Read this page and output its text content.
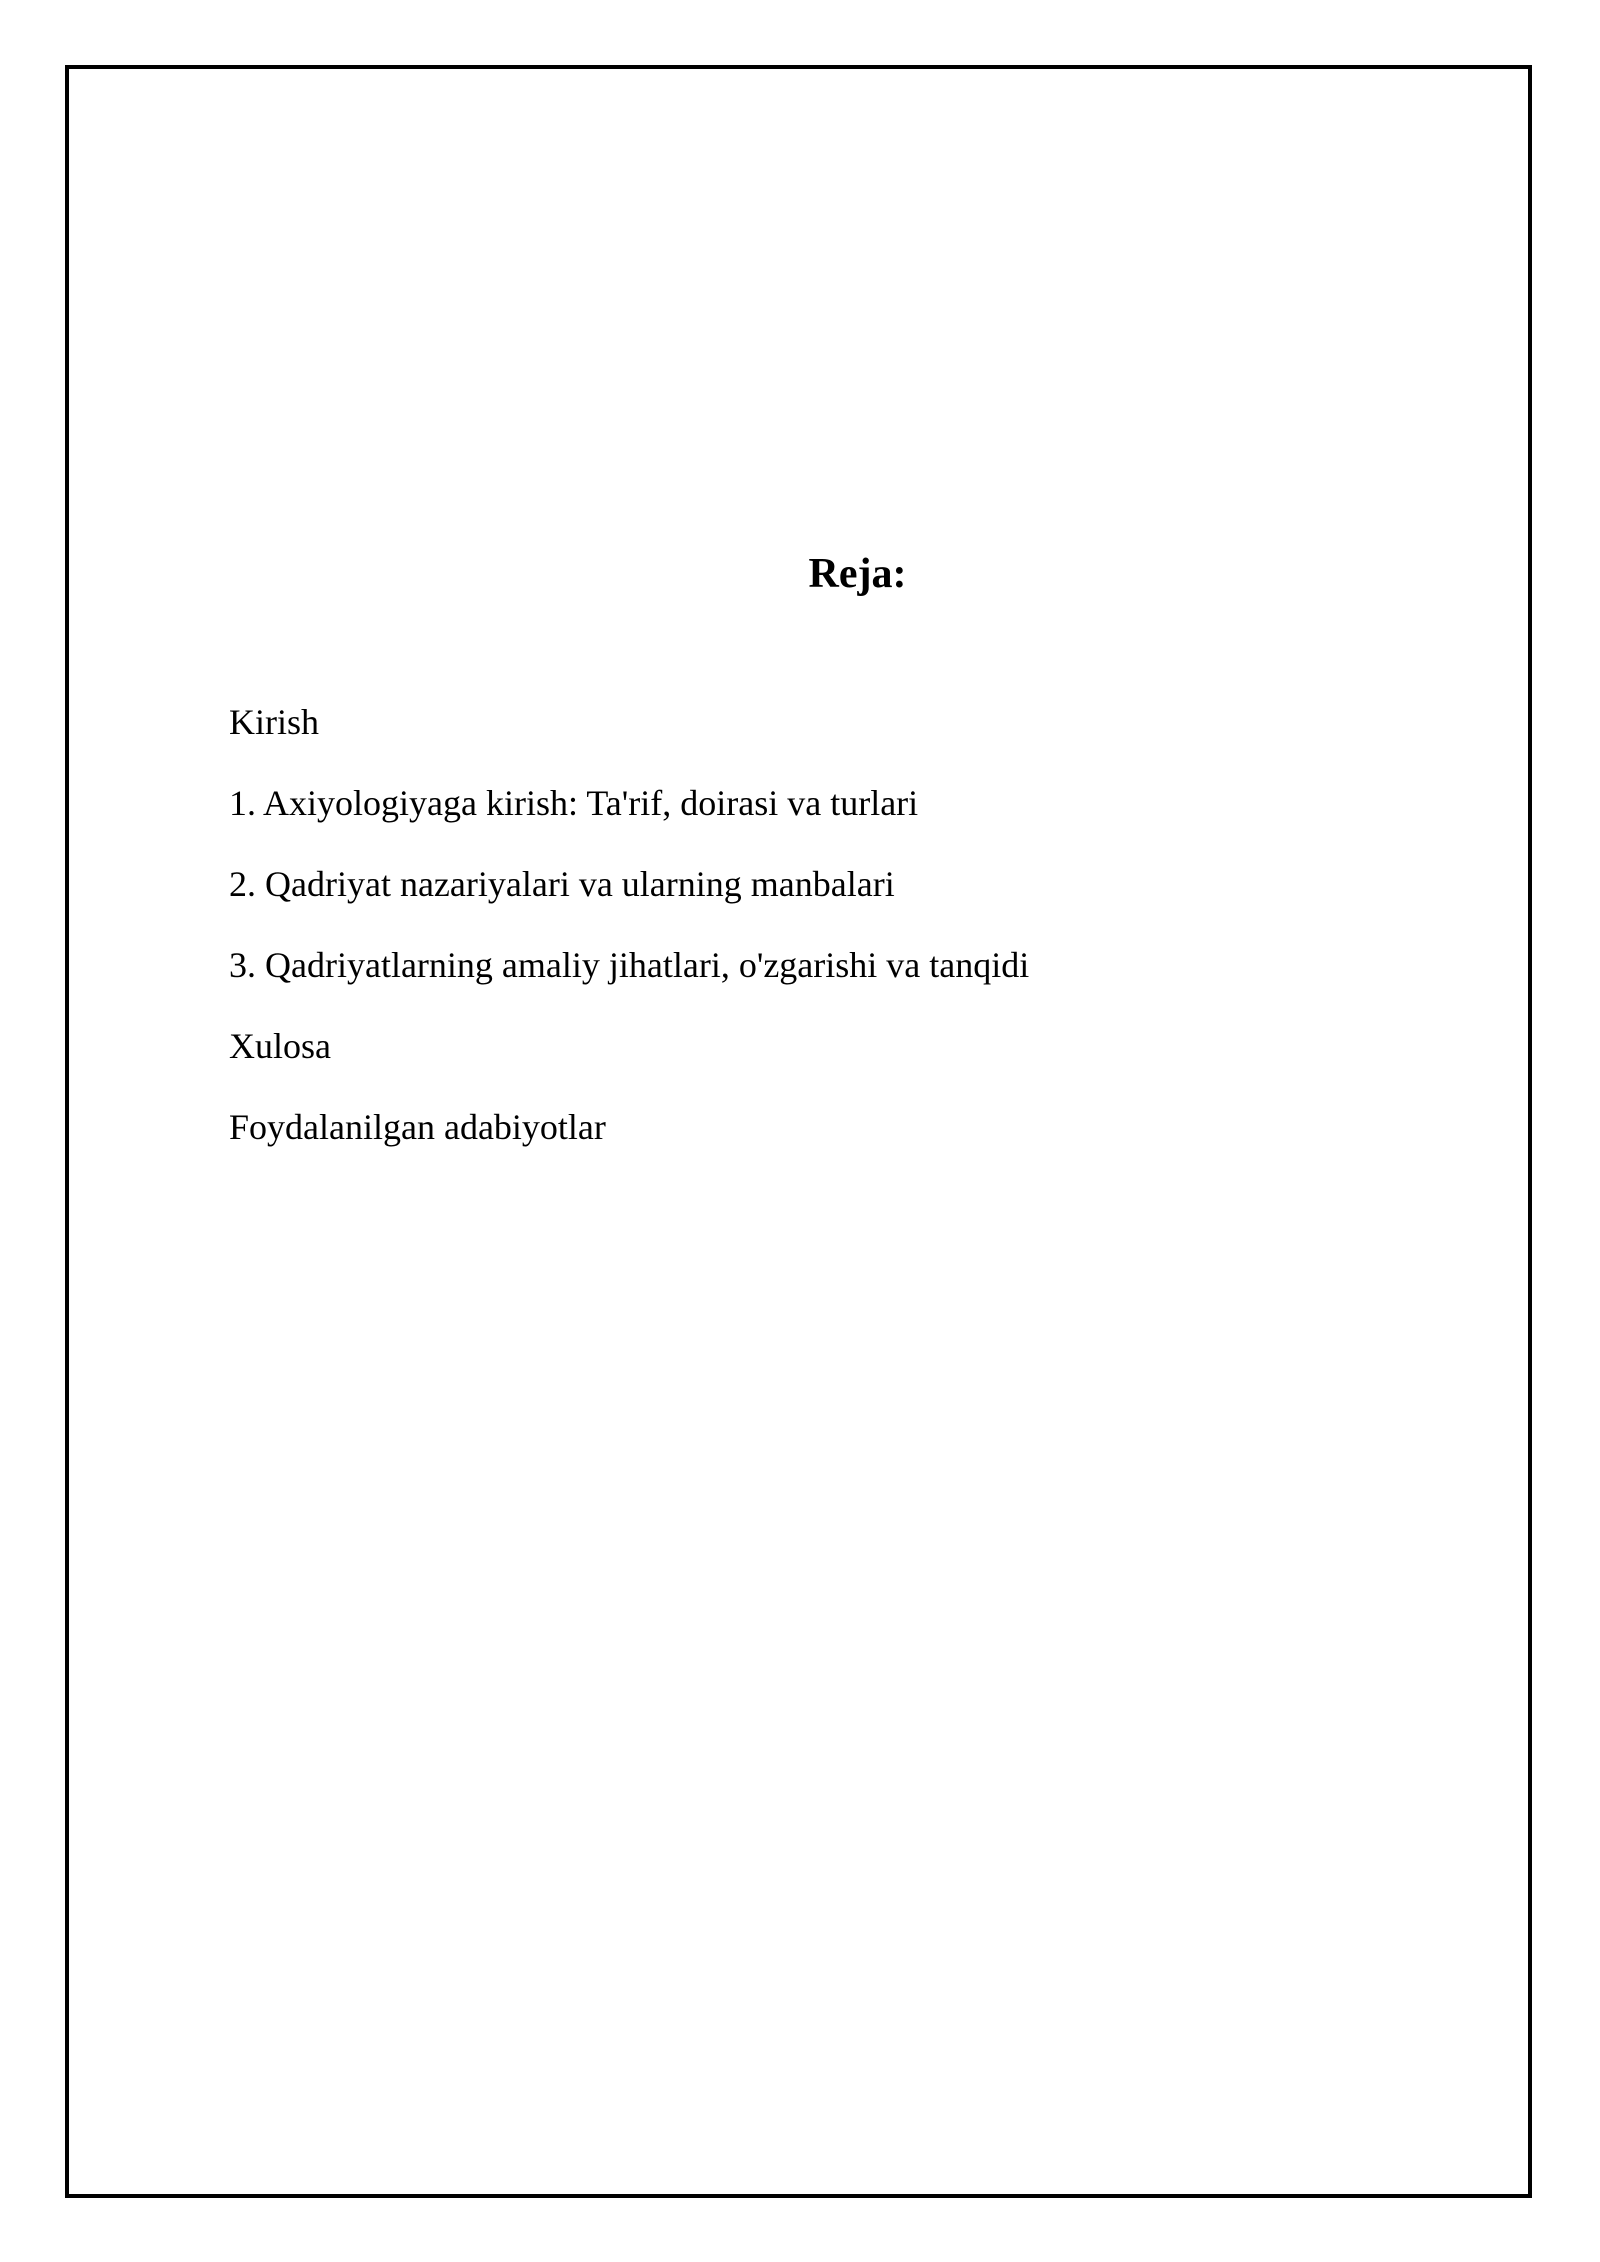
Reja:
Kirish
1. Axiyologiyaga kirish: Ta'rif, doirasi va turlari
2. Qadriyat nazariyalari va ularning manbalari
3. Qadriyatlarning amaliy jihatlari, o'zgarishi va tanqidi
Xulosa
Foydalanilgan adabiyotlar
